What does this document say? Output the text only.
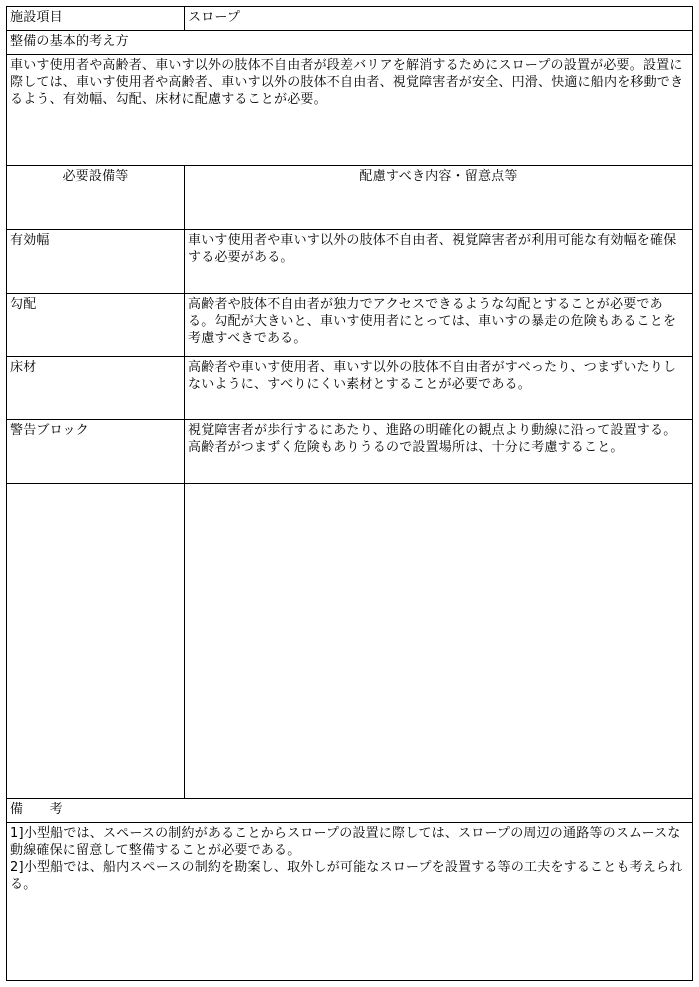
施設項目	スロープ
整備の基本的考え方
車いす使用者や高齢者、車いす以外の肢体不自由者が段差バリアを解消するためにスロープの設置が必要。設置に際しては、車いす使用者や高齢者、車いす以外の肢体不自由者、視覚障害者が安全、円滑、快適に船内を移動できるよう、有効幅、勾配、床材に配慮することが必要。
必要設備等	配慮すべき内容・留意点等
有効幅	車いす使用者や車いす以外の肢体不自由者、視覚障害者が利用可能な有効幅を確保する必要がある。
勾配	高齢者や肢体不自由者が独力でアクセスできるような勾配とすることが必要である。勾配が大きいと、車いす使用者にとっては、車いすの暴走の危険もあることを考慮すべきである。
床材	高齢者や車いす使用者、車いす以外の肢体不自由者がすべったり、つまずいたりしないように、すべりにくい素材とすることが必要である。
警告ブロック	視覚障害者が歩行するにあたり、進路の明確化の観点より動線に沿って設置する。高齢者がつまずく危険もありうるので設置場所は、十分に考慮すること。
備　　考
1]小型船では、スペースの制約があることからスロープの設置に際しては、スロープの周辺の通路等のスムースな動線確保に留意して整備することが必要である。
2]小型船では、船内スペースの制約を勘案し、取外しが可能なスロープを設置する等の工夫をすることも考えられる。
